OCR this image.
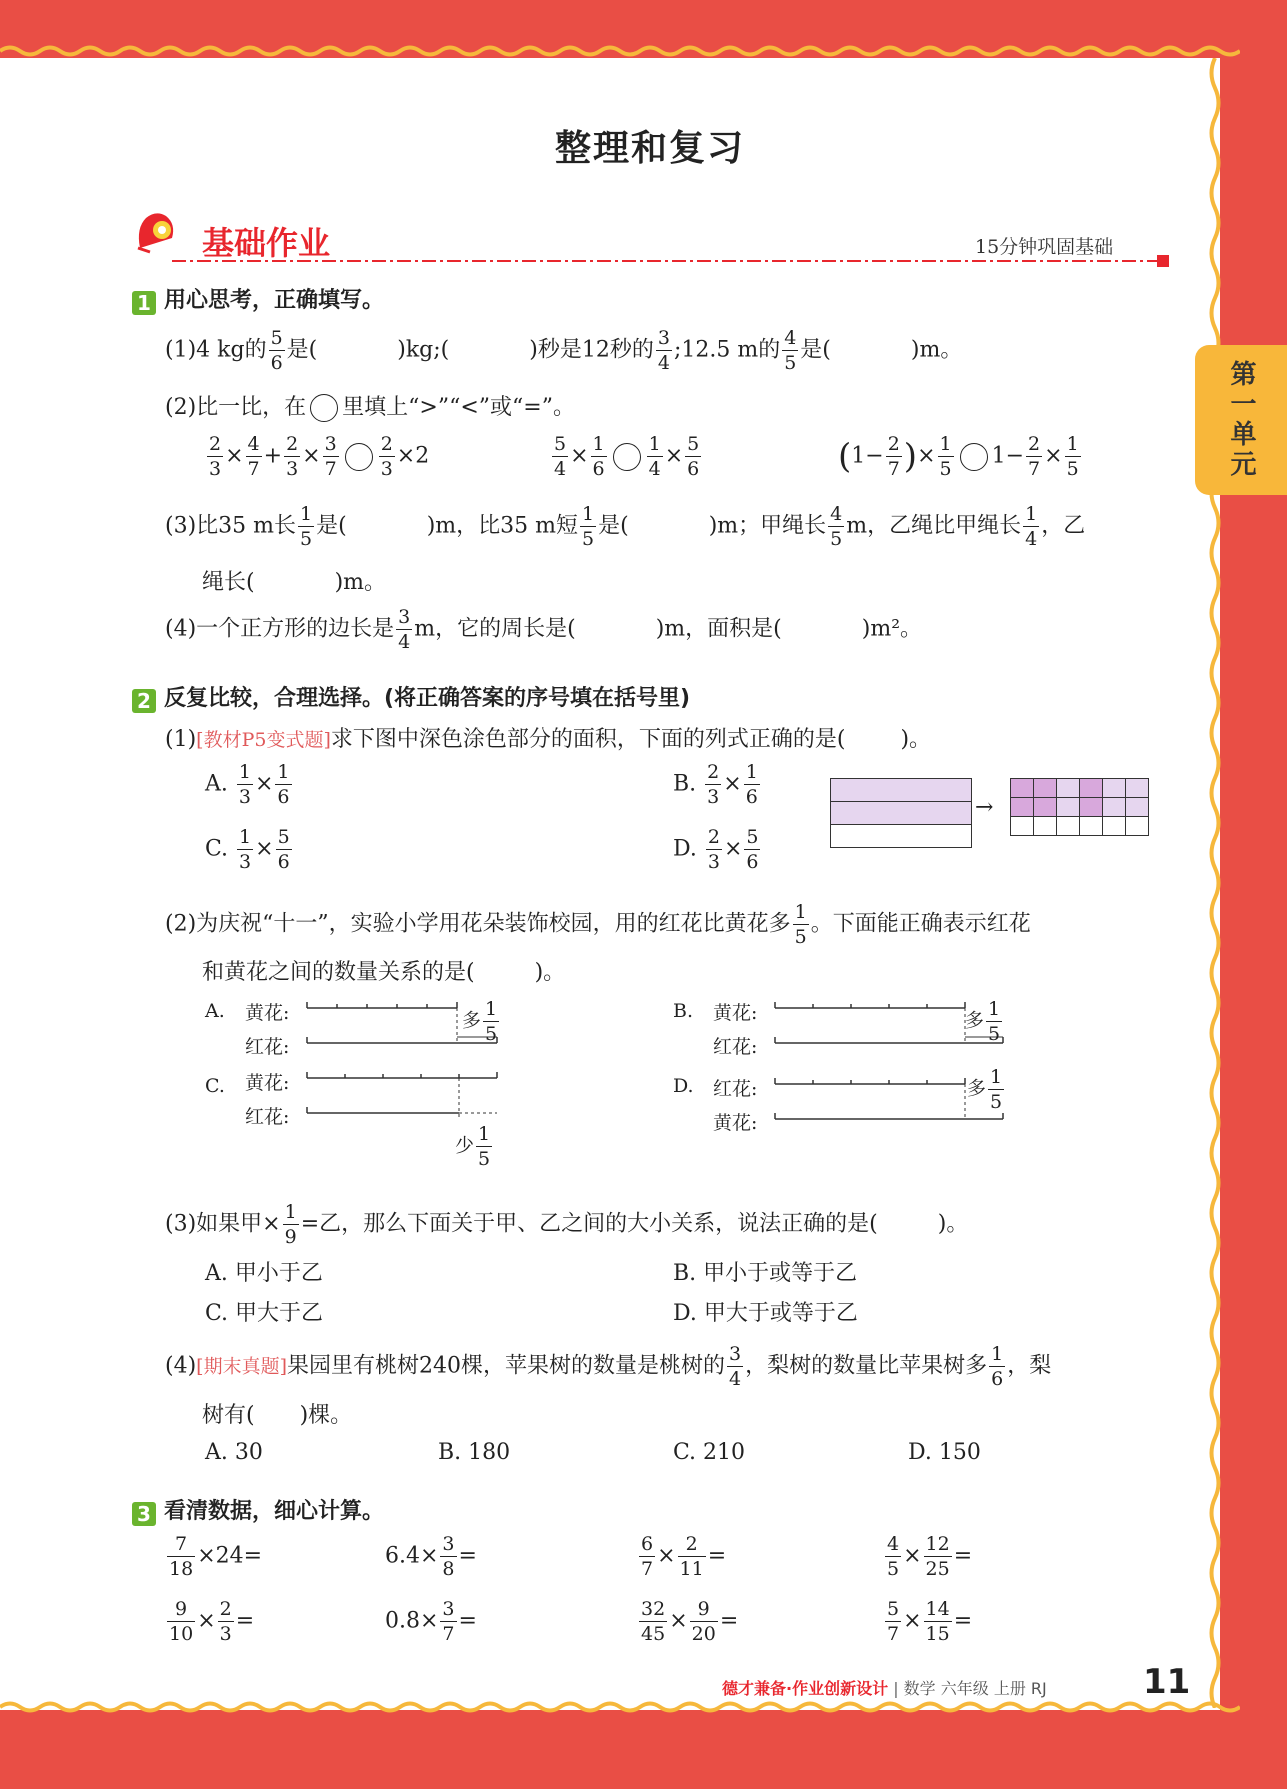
第一单元
整理和复习
基础作业	15分钟巩固基础
1 用心思考，正确填写。
(1)4 kg的 $\frac{5}{6}$ 是(	)kg;(	)秒是12秒的 $\frac{3}{4}$ ;12.5 m的 $\frac{4}{5}$ 是(	)m。
(2)比一比，在 里填上“>”“<”或“=”。
$\frac{2}{3} \times \frac{4}{7} + \frac{2}{3} \times \frac{3}{7} \frac{2}{3} \times 2$	$\frac{5}{4} \times \frac{1}{6} \frac{1}{4} \times \frac{5}{6}$	($1- \frac{2}{7}$ )× $\frac{1}{5} 1- \frac{2}{7} \times \frac{1}{5}$
(3)比35 m长 $\frac{1}{5}$ 是(	)m，比35 m短 $\frac{1}{5}$ 是(	)m；甲绳长 $\frac{4}{5}$ m，乙绳比甲绳长 $\frac{1}{4}$ ，乙
绳长(	)m。
(4)一个正方形的边长是 $\frac{3}{4}$ m，它的周长是(	)m，面积是(	)m²。
2 反复比较，合理选择。(将正确答案的序号填在括号里)
(1)[教材P5变式题]求下图中深色涂色部分的面积，下面的列式正确的是(	)。
A. $\frac{1}{3} \times \frac{1}{6}$	B. $\frac{2}{3} \times \frac{1}{6}$
C. $\frac{1}{3} \times \frac{5}{6}$	D. $\frac{2}{3} \times \frac{5}{6}$

→

(2)为庆祝“十一”，实验小学用花朵装饰校园，用的红花比黄花多 $\frac{1}{5}$ 。下面能正确表示红花
和黄花之间的数量关系的是(	)。
A. 黄花:
红花:
多 $\frac{1}{5}$	B. 黄花:
红花:
多 $\frac{1}{5}$
C. 黄花:
红花:
少 $\frac{1}{5}$
D. 红花:
黄花:
多 $\frac{1}{5}$
(3)如果甲× $\frac{1}{9}$ =乙，那么下面关于甲、乙之间的大小关系，说法正确的是(	)。
A. 甲小于乙	B. 甲小于或等于乙
C. 甲大于乙	D. 甲大于或等于乙
(4)[期末真题]果园里有桃树240棵，苹果树的数量是桃树的 $\frac{3}{4}$ ，梨树的数量比苹果树多 $\frac{1}{6}$ ，梨
树有( )棵。
A. 30	B. 180	C. 210	D. 150
3 看清数据，细心计算。
$\frac{7}{18} \times 24=$	$6.4\times \frac{3}{8}$ =	$\frac{6}{7} \times \frac{2}{11}$ =	$\frac{4}{5} \times \frac{12}{25}$ =
$\frac{9}{10} \times \frac{2}{3}$ =	$0.8\times \frac{3}{7}$ =	$\frac{32}{45} \times \frac{9}{20}$ =	$\frac{5}{7} \times \frac{14}{15}$ =
德才兼备·作业创新设计 | 数学 六年级 上册 RJ	11
